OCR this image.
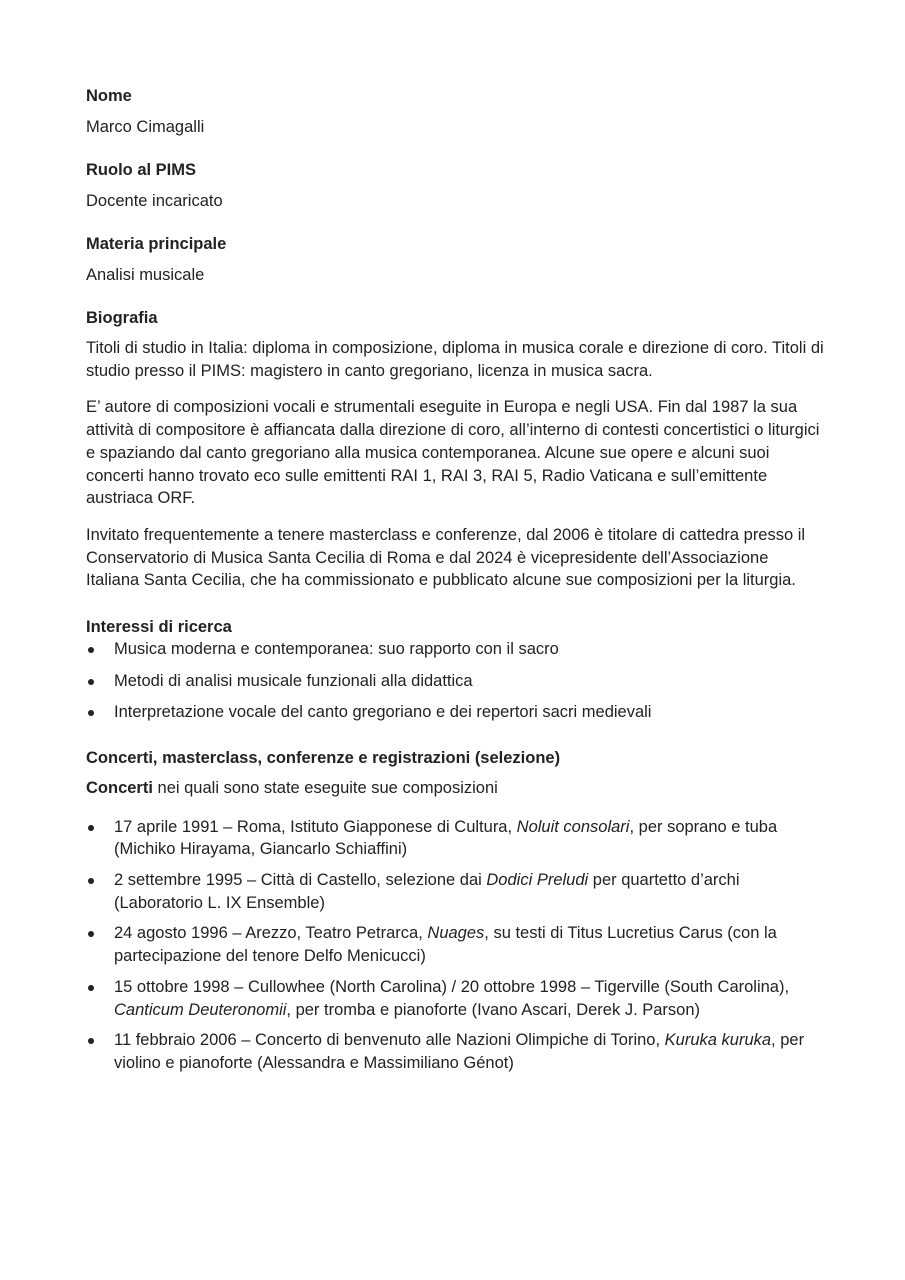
Nome

Marco Cimagalli

Ruolo al PIMS

Docente incaricato

Materia principale

Analisi musicale

Biografia

Titoli di studio in Italia: diploma in composizione, diploma in musica corale e direzione di coro. Titoli di studio presso il PIMS: magistero in canto gregoriano, licenza in musica sacra.

E’ autore di composizioni vocali e strumentali eseguite in Europa e negli USA. Fin dal 1987 la sua attività di compositore è affiancata dalla direzione di coro, all’interno di contesti concertistici o liturgici e spaziando dal canto gregoriano alla musica contemporanea. Alcune sue opere e alcuni suoi concerti hanno trovato eco sulle emittenti RAI 1, RAI 3, RAI 5, Radio Vaticana e sull’emittente austriaca ORF.

Invitato frequentemente a tenere masterclass e conferenze, dal 2006 è titolare di cattedra presso il Conservatorio di Musica Santa Cecilia di Roma e dal 2024 è vicepresidente dell’Associazione Italiana Santa Cecilia, che ha commissionato e pubblicato alcune sue composizioni per la liturgia.

Interessi di ricerca

Musica moderna e contemporanea: suo rapporto con il sacro
Metodi di analisi musicale funzionali alla didattica
Interpretazione vocale del canto gregoriano e dei repertori sacri medievali

Concerti, masterclass, conferenze e registrazioni (selezione)

Concerti nei quali sono state eseguite sue composizioni

17 aprile 1991 – Roma, Istituto Giapponese di Cultura, Noluit consolari, per soprano e tuba (Michiko Hirayama, Giancarlo Schiaffini)
2 settembre 1995 – Città di Castello, selezione dai Dodici Preludi per quartetto d’archi (Laboratorio L. IX Ensemble)
24 agosto 1996 – Arezzo, Teatro Petrarca, Nuages, su testi di Titus Lucretius Carus (con la partecipazione del tenore Delfo Menicucci)
15 ottobre 1998 – Cullowhee (North Carolina) / 20 ottobre 1998 – Tigerville (South Carolina), Canticum Deuteronomii, per tromba e pianoforte (Ivano Ascari, Derek J. Parson)
11 febbraio 2006 – Concerto di benvenuto alle Nazioni Olimpiche di Torino, Kuruka kuruka, per violino e pianoforte (Alessandra e Massimiliano Génot)
